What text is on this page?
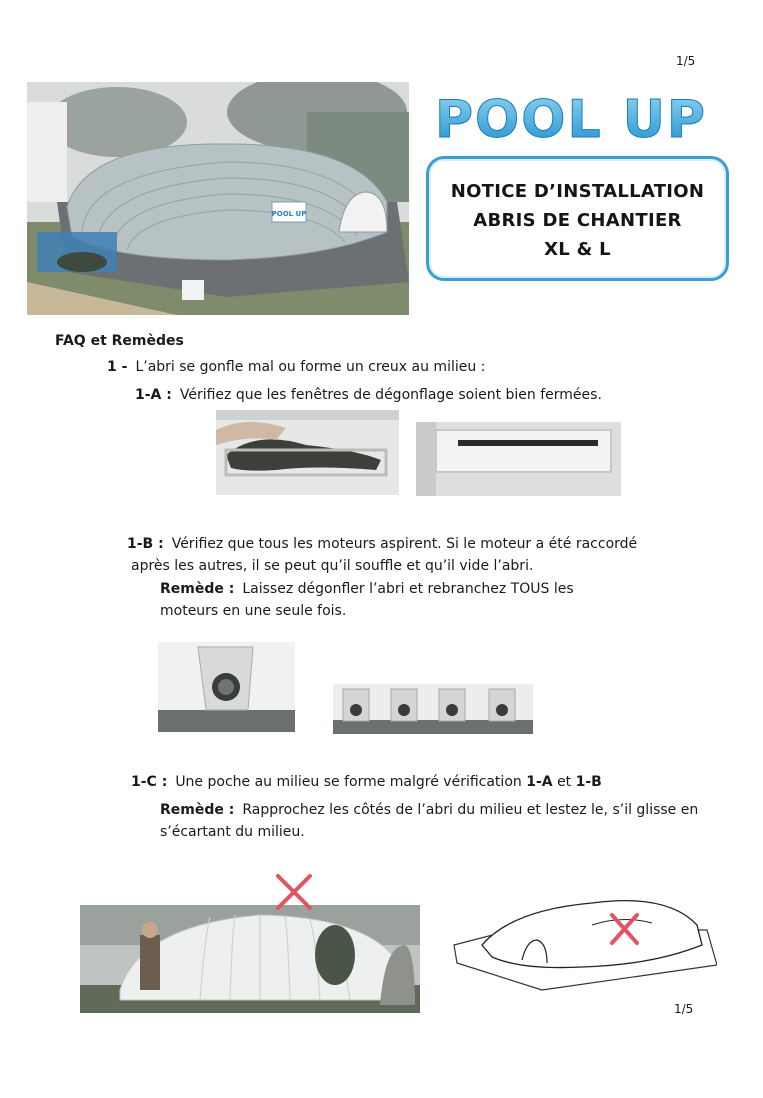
1/5
POOL UP
POOL UP
NOTICE D’INSTALLATION
ABRIS DE CHANTIER
XL & L
FAQ et Remèdes
1 - L’abri se gonfle mal ou forme un creux au milieu :
1-A : Vérifiez que les fenêtres de dégonflage soient bien fermées.
1-B : Vérifiez que tous les moteurs aspirent. Si le moteur a été raccordé
après les autres, il se peut qu’il souffle et qu’il vide l’abri.
Remède : Laissez dégonfler l’abri et rebranchez TOUS les
moteurs en une seule fois.
1-C : Une poche au milieu se forme malgré vérification 1-A et 1-B
Remède : Rapprochez les côtés de l’abri du milieu et lestez le, s’il glisse en
s’écartant du milieu.
1/5
